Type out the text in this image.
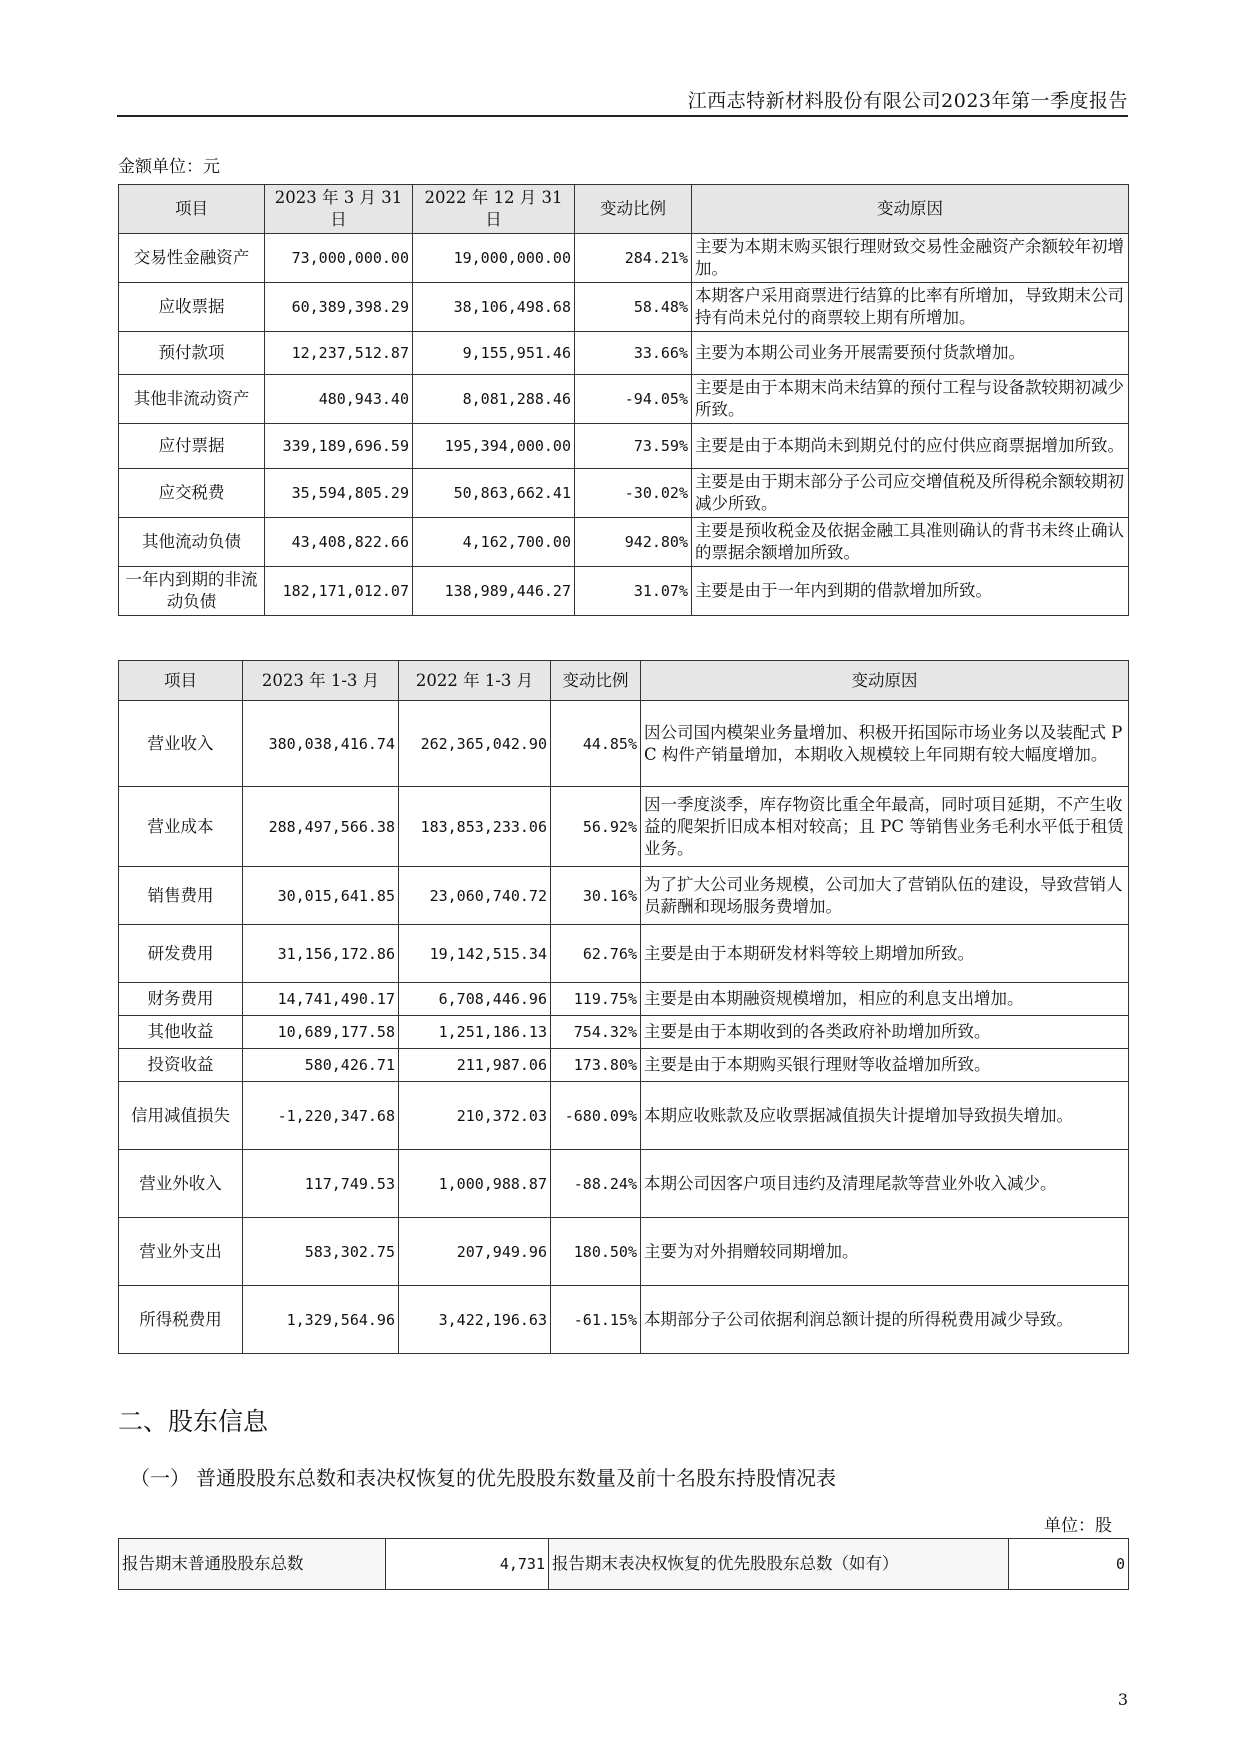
江西志特新材料股份有限公司2023年第一季度报告
金额单位：元
项目	2023 年 3 月 31 日	2022 年 12 月 31 日	变动比例	变动原因
交易性金融资产	73,000,000.00	19,000,000.00	284.21%	主要为本期末购买银行理财致交易性金融资产余额较年初增加。
应收票据	60,389,398.29	38,106,498.68	58.48%	本期客户采用商票进行结算的比率有所增加，导致期末公司持有尚未兑付的商票较上期有所增加。
预付款项	12,237,512.87	9,155,951.46	33.66%	主要为本期公司业务开展需要预付货款增加。
其他非流动资产	480,943.40	8,081,288.46	-94.05%	主要是由于本期末尚未结算的预付工程与设备款较期初减少所致。
应付票据	339,189,696.59	195,394,000.00	73.59%	主要是由于本期尚未到期兑付的应付供应商票据增加所致。
应交税费	35,594,805.29	50,863,662.41	-30.02%	主要是由于期末部分子公司应交增值税及所得税余额较期初减少所致。
其他流动负债	43,408,822.66	4,162,700.00	942.80%	主要是预收税金及依据金融工具准则确认的背书未终止确认的票据余额增加所致。
一年内到期的非流动负债	182,171,012.07	138,989,446.27	31.07%	主要是由于一年内到期的借款增加所致。
项目	2023 年 1-3 月	2022 年 1-3 月	变动比例	变动原因
营业收入	380,038,416.74	262,365,042.90	44.85%	因公司国内模架业务量增加、积极开拓国际市场业务以及装配式 PC 构件产销量增加，本期收入规模较上年同期有较大幅度增加。
营业成本	288,497,566.38	183,853,233.06	56.92%	因一季度淡季，库存物资比重全年最高，同时项目延期，不产生收益的爬架折旧成本相对较高；且 PC 等销售业务毛利水平低于租赁业务。
销售费用	30,015,641.85	23,060,740.72	30.16%	为了扩大公司业务规模，公司加大了营销队伍的建设，导致营销人员薪酬和现场服务费增加。
研发费用	31,156,172.86	19,142,515.34	62.76%	主要是由于本期研发材料等较上期增加所致。
财务费用	14,741,490.17	6,708,446.96	119.75%	主要是由本期融资规模增加，相应的利息支出增加。
其他收益	10,689,177.58	1,251,186.13	754.32%	主要是由于本期收到的各类政府补助增加所致。
投资收益	580,426.71	211,987.06	173.80%	主要是由于本期购买银行理财等收益增加所致。
信用减值损失	-1,220,347.68	210,372.03	-680.09%	本期应收账款及应收票据减值损失计提增加导致损失增加。
营业外收入	117,749.53	1,000,988.87	-88.24%	本期公司因客户项目违约及清理尾款等营业外收入减少。
营业外支出	583,302.75	207,949.96	180.50%	主要为对外捐赠较同期增加。
所得税费用	1,329,564.96	3,422,196.63	-61.15%	本期部分子公司依据利润总额计提的所得税费用减少导致。
二、股东信息
（一） 普通股股东总数和表决权恢复的优先股股东数量及前十名股东持股情况表
单位：股
报告期末普通股股东总数	4,731	报告期末表决权恢复的优先股股东总数（如有）	0
3
